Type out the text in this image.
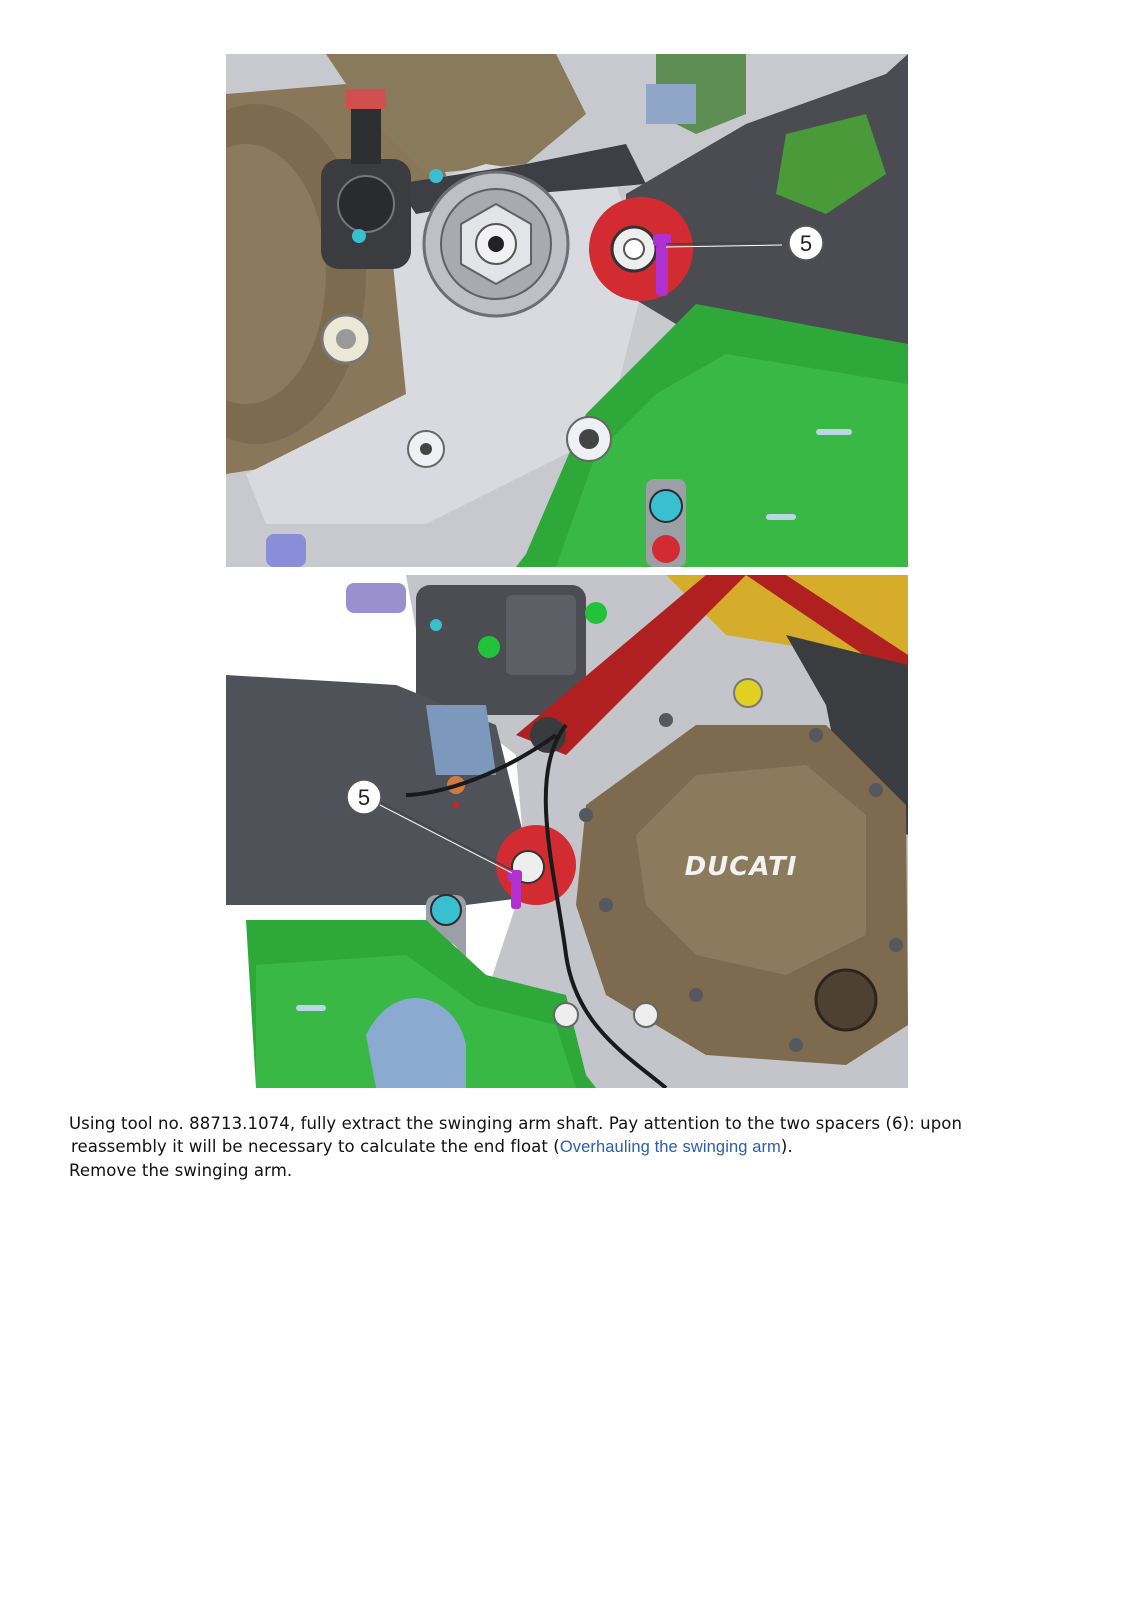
5
DUCATI
5

Using tool no. 88713.1074, fully extract the swinging arm shaft. Pay attention to the two spacers (6): upon

reassembly it will be necessary to calculate the end float (Overhauling the swinging arm).

Remove the swinging arm.
